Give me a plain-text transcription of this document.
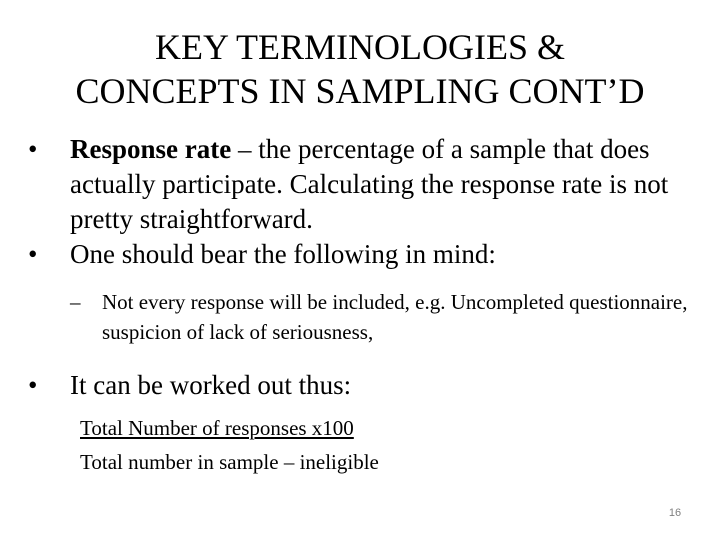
KEY TERMINOLOGIES &
CONCEPTS IN SAMPLING CONT’D

•	Response rate – the percentage of a sample that does actually participate. Calculating the response rate is not pretty straightforward.

•	One should bear the following in mind:

– Not every response will be included, e.g. Uncompleted questionnaire, suspicion of lack of seriousness,

•	It can be worked out thus:

Total Number of responses x100
Total number in sample – ineligible
16
